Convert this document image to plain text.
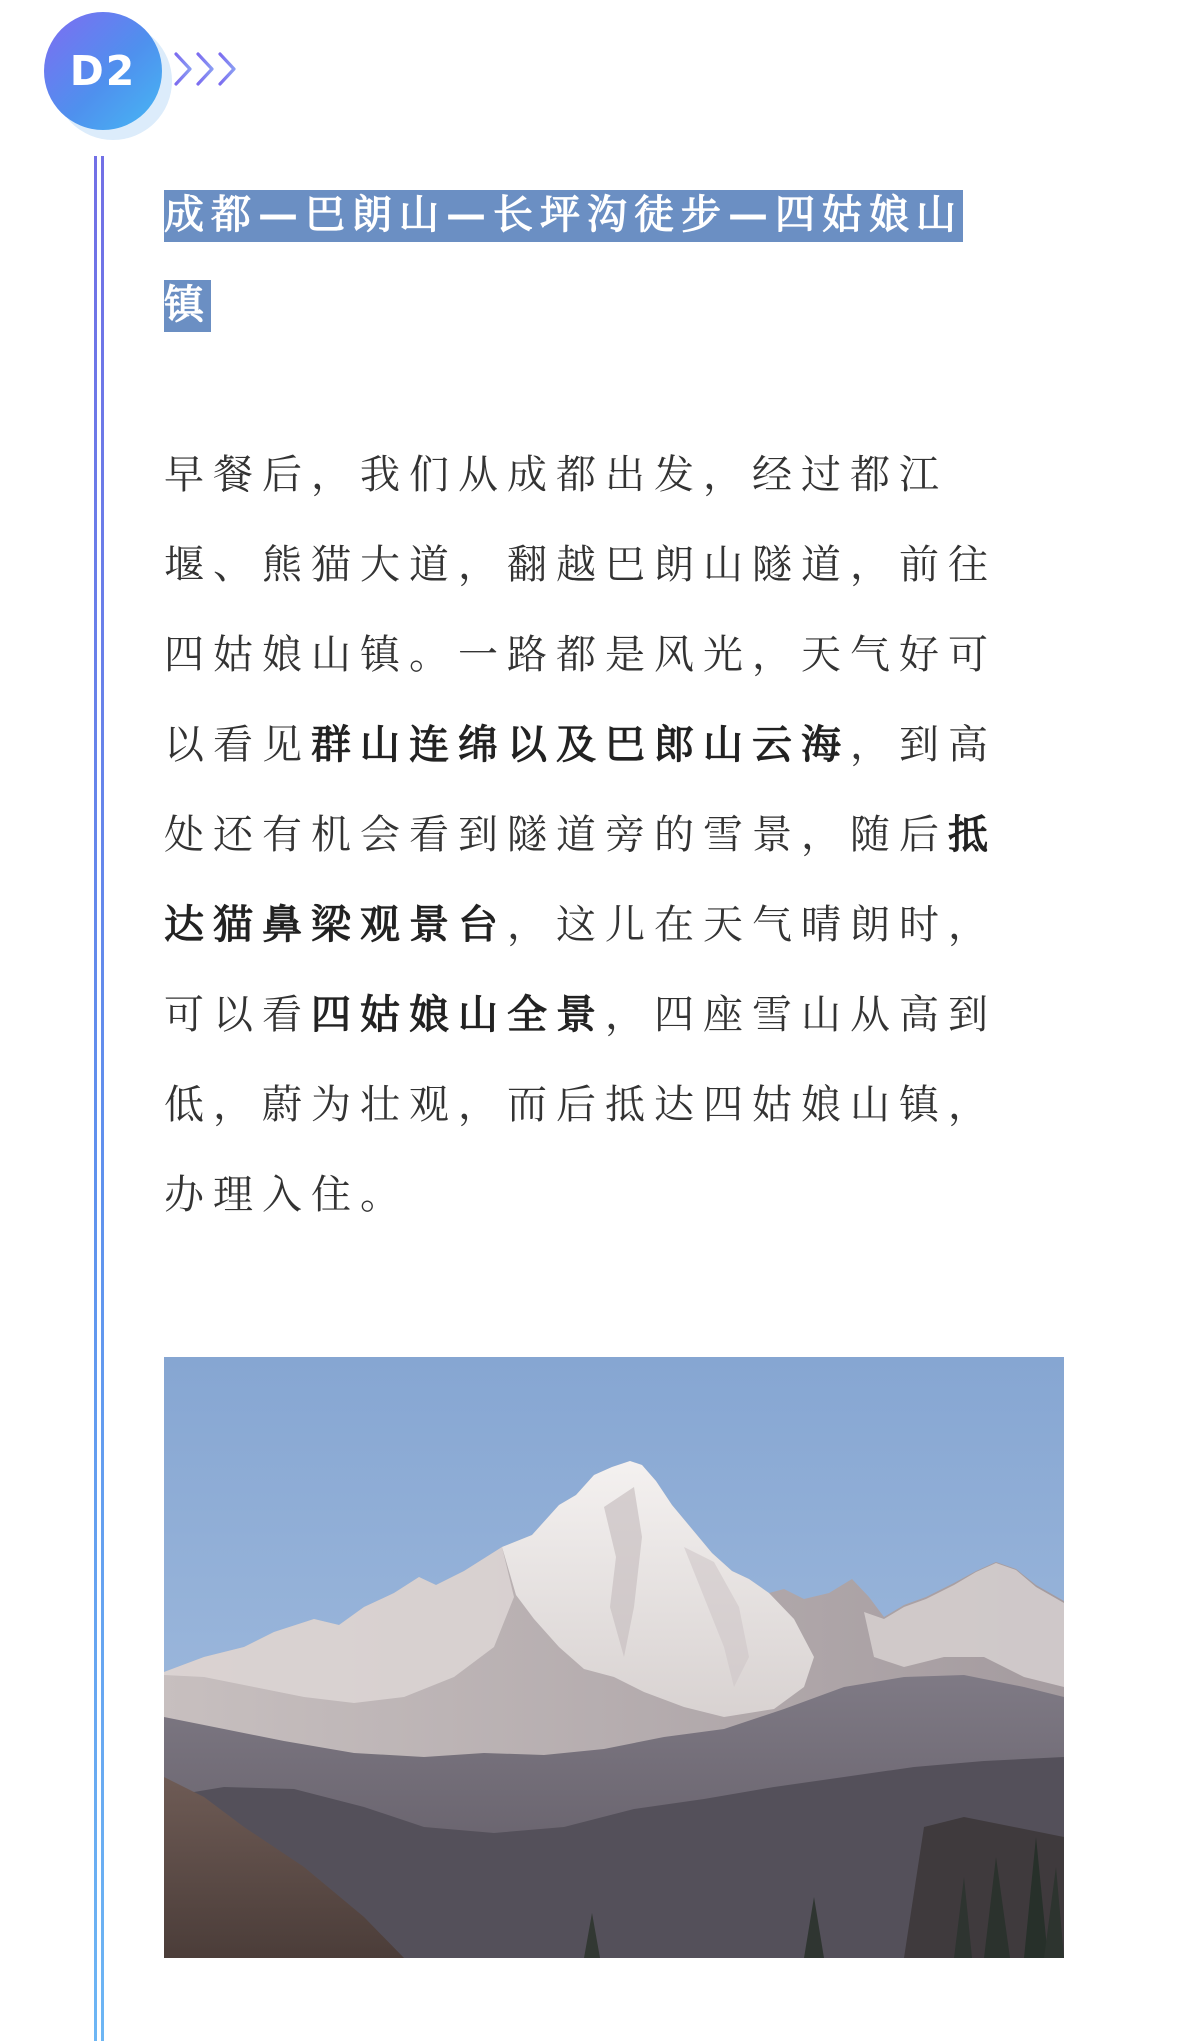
D2
成都—巴朗山—长坪沟徒步—四姑娘山
镇
早餐后，我们从成都出发，经过都江
堰、熊猫大道，翻越巴朗山隧道，前往
四姑娘山镇。一路都是风光，天气好可
以看见群山连绵以及巴郎山云海，到高
处还有机会看到隧道旁的雪景，随后抵
达猫鼻梁观景台，这儿在天气晴朗时，
可以看四姑娘山全景，四座雪山从高到
低，蔚为壮观，而后抵达四姑娘山镇，
办理入住。
